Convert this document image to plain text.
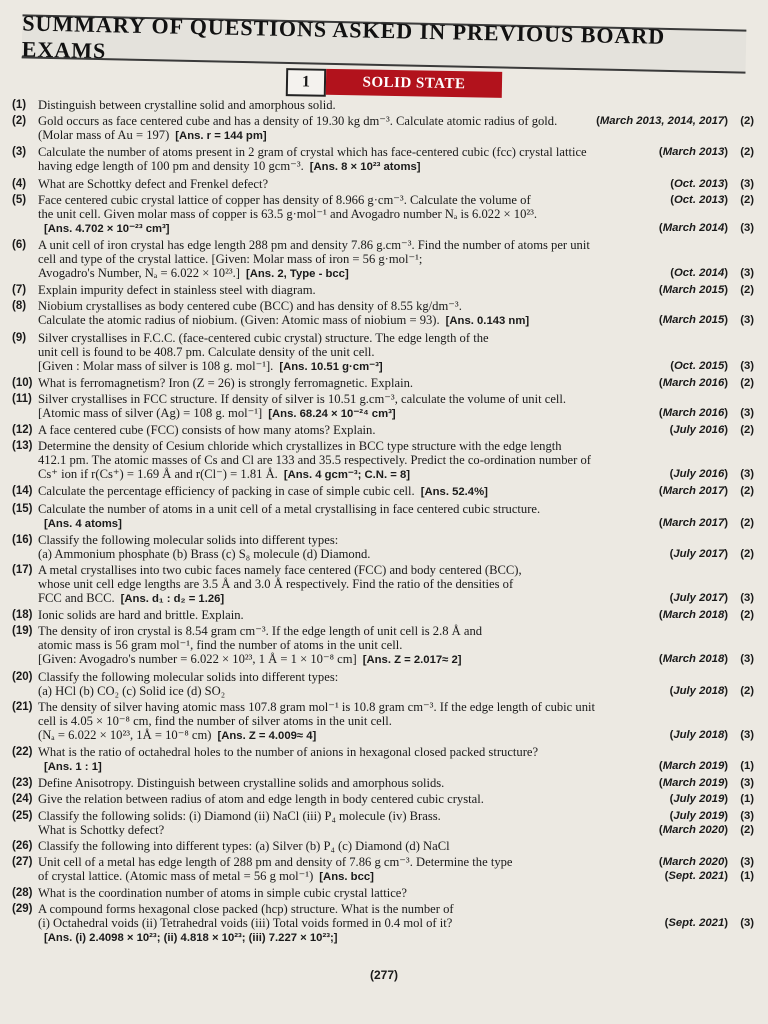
SUMMARY OF QUESTIONS ASKED IN PREVIOUS BOARD EXAMS
1	SOLID STATE
(1) Distinguish between crystalline solid and amorphous solid.
(2) Gold occurs as face centered cube and has a density of 19.30 kg dm⁻³. Calculate atomic radius of gold.	(March 2013, 2014, 2017) (2)
(Molar mass of Au = 197) [Ans. r = 144 pm]
(3) Calculate the number of atoms present in 2 gram of crystal which has face-centered cubic (fcc) crystal lattice	(March 2013) (2)
having edge length of 100 pm and density 10 gcm⁻³. [Ans. 8 × 10²³ atoms]
(4) What are Schottky defect and Frenkel defect?	(Oct. 2013) (3)
(5) Face centered cubic crystal lattice of copper has density of 8.966 g·cm⁻³. Calculate the volume of	(Oct. 2013) (2)
the unit cell. Given molar mass of copper is 63.5 g·mol⁻¹ and Avogadro number Nₐ is 6.022 × 10²³.
[Ans. 4.702 × 10⁻²³ cm³]	(March 2014) (3)
(6) A unit cell of iron crystal has edge length 288 pm and density 7.86 g.cm⁻³. Find the number of atoms per unit
cell and type of the crystal lattice. [Given: Molar mass of iron = 56 g·mol⁻¹;
Avogadro's Number, Nₐ = 6.022 × 10²³.] [Ans. 2, Type - bcc]	(Oct. 2014) (3)
(7) Explain impurity defect in stainless steel with diagram.	(March 2015) (2)
(8) Niobium crystallises as body centered cube (BCC) and has density of 8.55 kg/dm⁻³.
Calculate the atomic radius of niobium. (Given: Atomic mass of niobium = 93). [Ans. 0.143 nm]	(March 2015) (3)
(9) Silver crystallises in F.C.C. (face-centered cubic crystal) structure. The edge length of the
unit cell is found to be 408.7 pm. Calculate density of the unit cell.
[Given : Molar mass of silver is 108 g. mol⁻¹]. [Ans. 10.51 g·cm⁻³]	(Oct. 2015) (3)
(10) What is ferromagnetism? Iron (Z = 26) is strongly ferromagnetic. Explain.	(March 2016) (2)
(11) Silver crystallises in FCC structure. If density of silver is 10.51 g.cm⁻³, calculate the volume of unit cell.
[Atomic mass of silver (Ag) = 108 g. mol⁻¹] [Ans. 68.24 × 10⁻²⁴ cm³]	(March 2016) (3)
(12) A face centered cube (FCC) consists of how many atoms? Explain.	(July 2016) (2)
(13) Determine the density of Cesium chloride which crystallizes in BCC type structure with the edge length
412.1 pm. The atomic masses of Cs and Cl are 133 and 35.5 respectively. Predict the co-ordination number of
Cs⁺ ion if r(Cs⁺) = 1.69 Å and r(Cl⁻) = 1.81 Å. [Ans. 4 gcm⁻³; C.N. = 8]	(July 2016) (3)
(14) Calculate the percentage efficiency of packing in case of simple cubic cell. [Ans. 52.4%]	(March 2017) (2)
(15) Calculate the number of atoms in a unit cell of a metal crystallising in face centered cubic structure.
[Ans. 4 atoms]	(March 2017) (2)
(16) Classify the following molecular solids into different types:
(a) Ammonium phosphate (b) Brass (c) S₈ molecule (d) Diamond.	(July 2017) (2)
(17) A metal crystallises into two cubic faces namely face centered (FCC) and body centered (BCC),
whose unit cell edge lengths are 3.5 Å and 3.0 Å respectively. Find the ratio of the densities of
FCC and BCC. [Ans. d₁ : d₂ = 1.26]	(July 2017) (3)
(18) Ionic solids are hard and brittle. Explain.	(March 2018) (2)
(19) The density of iron crystal is 8.54 gram cm⁻³. If the edge length of unit cell is 2.8 Å and
atomic mass is 56 gram mol⁻¹, find the number of atoms in the unit cell.
[Given: Avogadro's number = 6.022 × 10²³, 1 Å = 1 × 10⁻⁸ cm] [Ans. Z = 2.017≈ 2]	(March 2018) (3)
(20) Classify the following molecular solids into different types:
(a) HCl (b) CO₂ (c) Solid ice (d) SO₂	(July 2018) (2)
(21) The density of silver having atomic mass 107.8 gram mol⁻¹ is 10.8 gram cm⁻³. If the edge length of cubic unit
cell is 4.05 × 10⁻⁸ cm, find the number of silver atoms in the unit cell.
(Nₐ = 6.022 × 10²³, 1Å = 10⁻⁸ cm) [Ans. Z = 4.009≈ 4]	(July 2018) (3)
(22) What is the ratio of octahedral holes to the number of anions in hexagonal closed packed structure?
[Ans. 1 : 1]	(March 2019) (1)
(23) Define Anisotropy. Distinguish between crystalline solids and amorphous solids.	(March 2019) (3)
(24) Give the relation between radius of atom and edge length in body centered cubic crystal.	(July 2019) (1)
(25) Classify the following solids: (i) Diamond (ii) NaCl (iii) P₄ molecule (iv) Brass.	(July 2019) (3)
What is Schottky defect?	(March 2020) (2)
(26) Classify the following into different types: (a) Silver (b) P₄ (c) Diamond (d) NaCl
(27) Unit cell of a metal has edge length of 288 pm and density of 7.86 g cm⁻³. Determine the type	(March 2020) (3)
of crystal lattice. (Atomic mass of metal = 56 g mol⁻¹) [Ans. bcc]	(Sept. 2021) (1)
(28) What is the coordination number of atoms in simple cubic crystal lattice?
(29) A compound forms hexagonal close packed (hcp) structure. What is the number of
(i) Octahedral voids (ii) Tetrahedral voids (iii) Total voids formed in 0.4 mol of it?	(Sept. 2021) (3)
[Ans. (i) 2.4098 × 10²³; (ii) 4.818 × 10²³; (iii) 7.227 × 10²³;]
(277)
